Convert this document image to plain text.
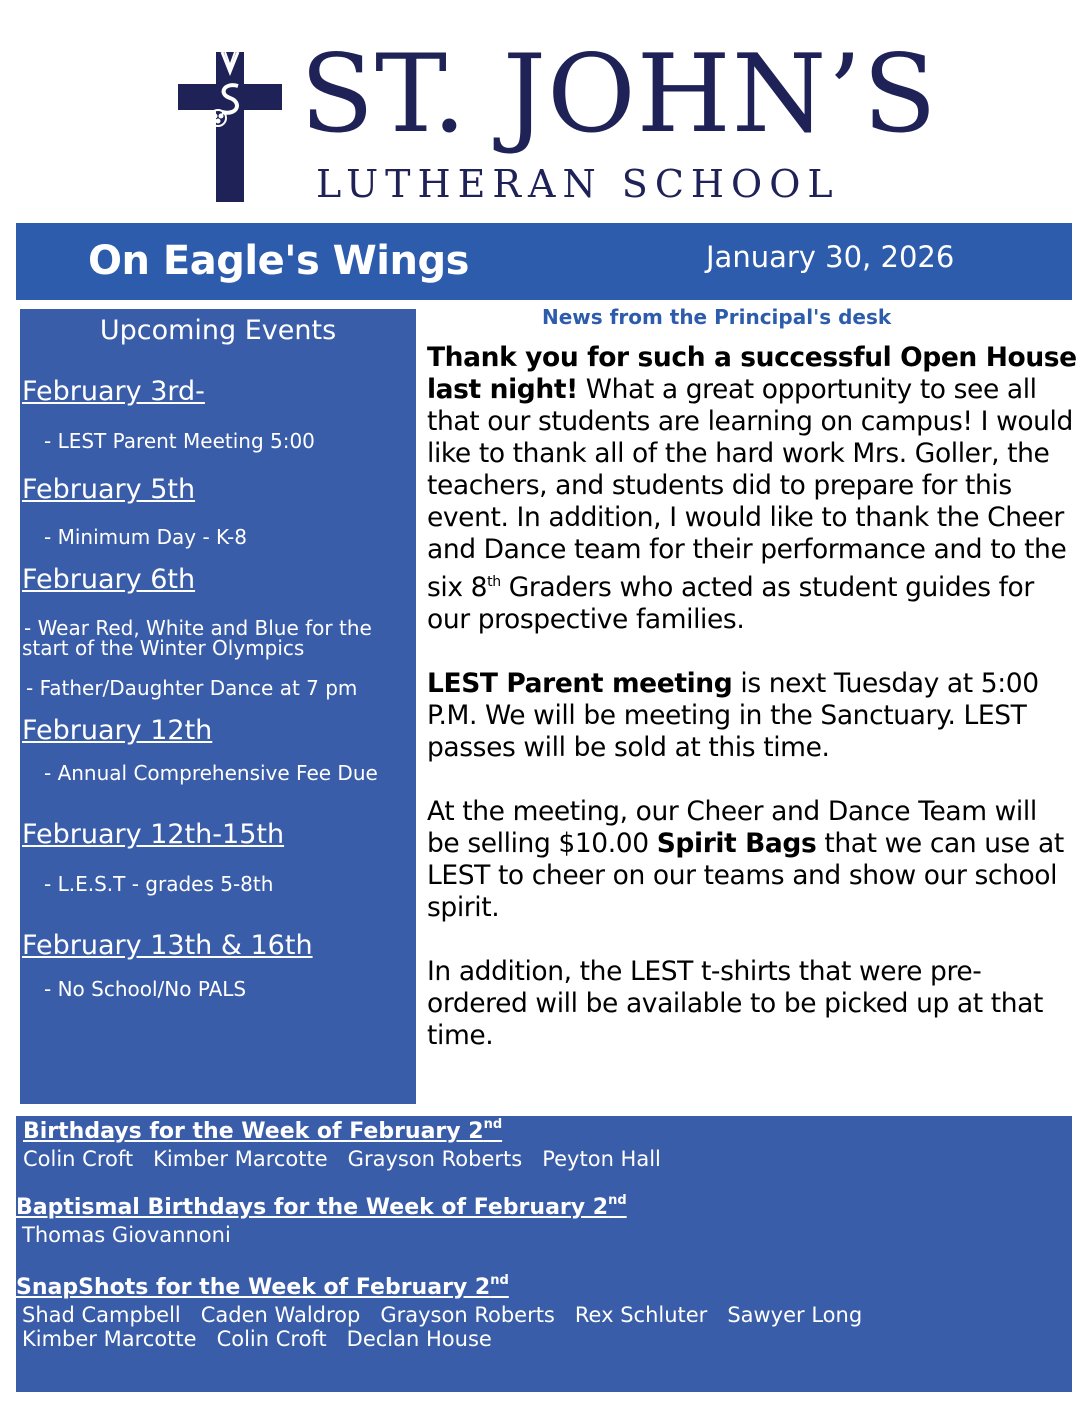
ST. JOHN’S
LUTHERAN SCHOOL
On Eagle's Wings	January 30, 2026
Upcoming Events
February 3rd-
- LEST Parent Meeting 5:00
February 5th
- Minimum Day - K-8
February 6th
- Wear Red, White and Blue for the
start of the Winter Olympics
- Father/Daughter Dance at 7 pm
February 12th
- Annual Comprehensive Fee Due
February 12th-15th
- L.E.S.T - grades 5-8th
February 13th & 16th
- No School/No PALS
News from the Principal's desk

Thank you for such a successful Open House last night! What a great opportunity to see all that our students are learning on campus! I would like to thank all of the hard work Mrs. Goller, the teachers, and students did to prepare for this event. In addition, I would like to thank the Cheer and Dance team for their performance and to the six 8th Graders who acted as student guides for our prospective families.

LEST Parent meeting is next Tuesday at 5:00 P.M. We will be meeting in the Sanctuary. LEST passes will be sold at this time.

At the meeting, our Cheer and Dance Team will be selling $10.00 Spirit Bags that we can use at LEST to cheer on our teams and show our school spirit.

In addition, the LEST t-shirts that were pre-ordered will be available to be picked up at that time.

Birthdays for the Week of February 2nd
Colin Croft Kimber Marcotte Grayson Roberts Peyton Hall
Baptismal Birthdays for the Week of February 2nd
Thomas Giovannoni
SnapShots for the Week of February 2nd
Shad Campbell Caden Waldrop Grayson Roberts Rex Schluter Sawyer Long
Kimber Marcotte Colin Croft Declan House
